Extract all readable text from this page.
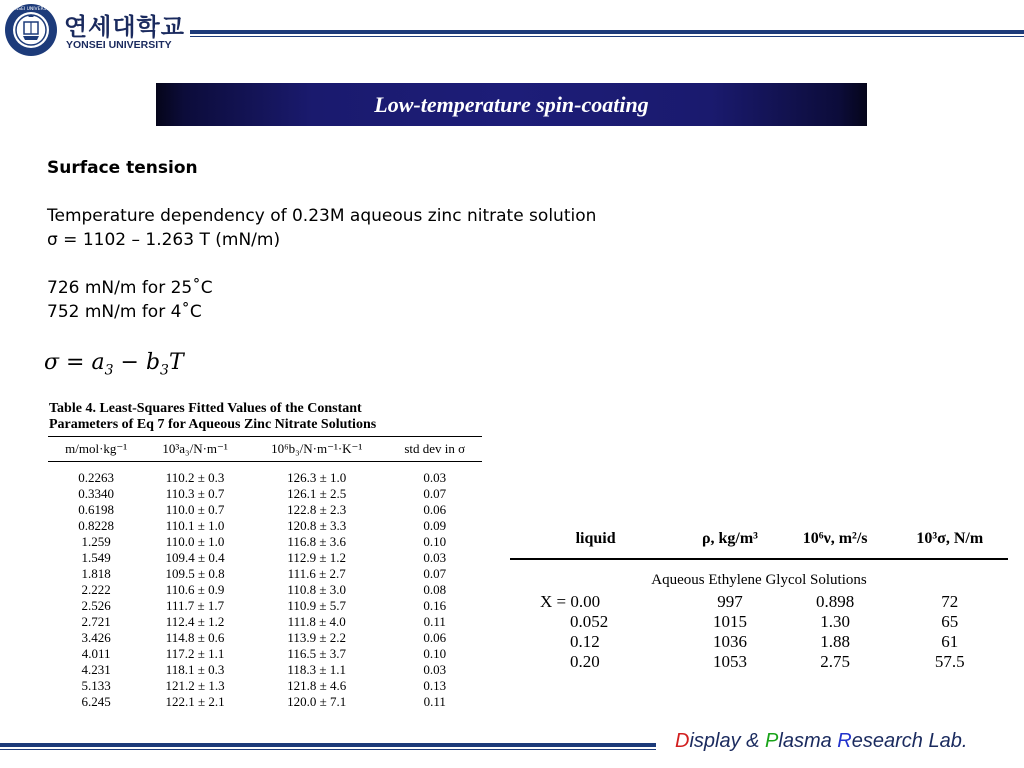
YONSEI UNIVERSITY
연세대학교
YONSEI UNIVERSITY
Low-temperature spin-coating

Surface tension

Temperature dependency of 0.23M aqueous zinc nitrate solution

σ = 1102 – 1.263 T (mN/m)

726 mN/m for 25˚C

752 mN/m for 4˚C

$\sigma = a_3 - b_3T$
Table 4. Least-Squares Fitted Values of the Constant
Parameters of Eq 7 for Aqueous Zinc Nitrate Solutions
m/mol·kg⁻¹	10³a₃/N·m⁻¹	10⁶b₃/N·m⁻¹·K⁻¹	std dev in σ
0.2263	110.2 ± 0.3	126.3 ± 1.0	0.03
0.3340	110.3 ± 0.7	126.1 ± 2.5	0.07
0.6198	110.0 ± 0.7	122.8 ± 2.3	0.06
0.8228	110.1 ± 1.0	120.8 ± 3.3	0.09
1.259	110.0 ± 1.0	116.8 ± 3.6	0.10
1.549	109.4 ± 0.4	112.9 ± 1.2	0.03
1.818	109.5 ± 0.8	111.6 ± 2.7	0.07
2.222	110.6 ± 0.9	110.8 ± 3.0	0.08
2.526	111.7 ± 1.7	110.9 ± 5.7	0.16
2.721	112.4 ± 1.2	111.8 ± 4.0	0.11
3.426	114.8 ± 0.6	113.9 ± 2.2	0.06
4.011	117.2 ± 1.1	116.5 ± 3.7	0.10
4.231	118.1 ± 0.3	118.3 ± 1.1	0.03
5.133	121.2 ± 1.3	121.8 ± 4.6	0.13
6.245	122.1 ± 2.1	120.0 ± 7.1	0.11
liquid	ρ, kg/m³	10⁶ν, m²/s	10³σ, N/m
Aqueous Ethylene Glycol Solutions			
X = 0.00	997	0.898	72
0.052	1015	1.30	65
0.12	1036	1.88	61
0.20	1053	2.75	57.5
Display & Plasma Research Lab.
